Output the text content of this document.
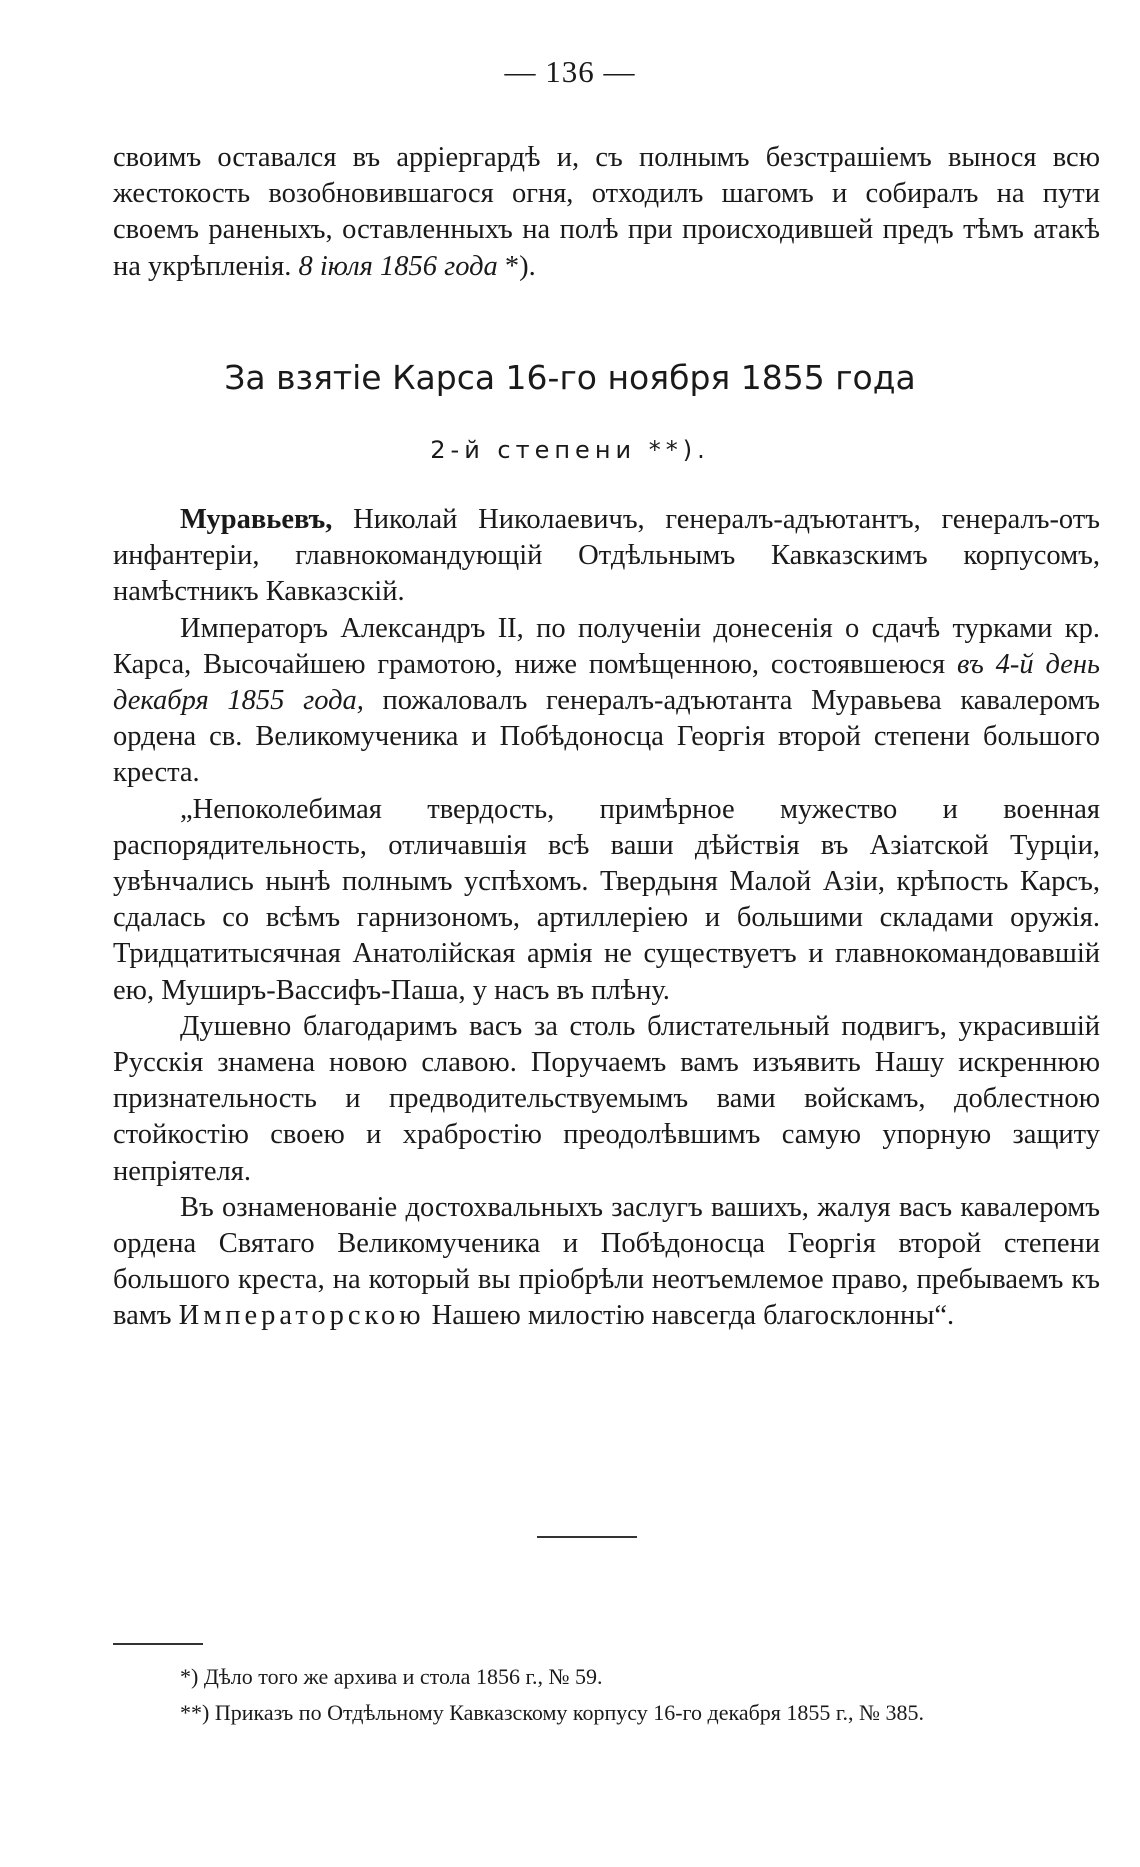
— 136 —
своимъ оставался въ арріергардѣ и, съ полнымъ безстрашіемъ вынося всю жестокость возобновившагося огня, отходилъ шагомъ и собиралъ на пути своемъ раненыхъ, оставленныхъ на полѣ при происходившей предъ тѣмъ атакѣ на укрѣпленія. 8 іюля 1856 года *).
За взятіе Карса 16-го ноября 1855 года
2-й степени **).
Муравьевъ, Николай Николаевичъ, генералъ-адъютантъ, генералъ-отъ инфантеріи, главнокомандующій Отдѣльнымъ Кавказскимъ корпусомъ, намѣстникъ Кавказскій.
Императоръ Александръ II, по полученіи донесенія о сдачѣ турками кр. Карса, Высочайшею грамотою, ниже помѣщенною, состоявшеюся въ 4-й день декабря 1855 года, пожаловалъ генералъ-адъютанта Муравьева кавалеромъ ордена св. Великомученика и Побѣдоносца Георгія второй степени большого креста.
„Непоколебимая твердость, примѣрное мужество и военная распорядительность, отличавшія всѣ ваши дѣйствія въ Азіатской Турціи, увѣнчались нынѣ полнымъ успѣхомъ. Твердыня Малой Азіи, крѣпость Карсъ, сдалась со всѣмъ гарнизономъ, артиллеріею и большими складами оружія. Тридцатитысячная Анатолійская армія не существуетъ и главнокомандовавшій ею, Муширъ-Вассифъ-Паша, у насъ въ плѣну.
Душевно благодаримъ васъ за столь блистательный подвигъ, украсившій Русскія знамена новою славою. Поручаемъ вамъ изъявить Нашу искреннюю признательность и предводительствуемымъ вами войскамъ, доблестною стойкостію своею и храбростію преодолѣвшимъ самую упорную защиту непріятеля.
Въ ознаменованіе достохвальныхъ заслугъ вашихъ, жалуя васъ кавалеромъ ордена Святаго Великомученика и Побѣдоносца Георгія второй степени большого креста, на который вы пріобрѣли неотъемлемое право, пребываемъ къ вамъ Императорскою Нашею милостію навсегда благосклонны“.
*) Дѣло того же архива и стола 1856 г., № 59.
**) Приказъ по Отдѣльному Кавказскому корпусу 16-го декабря 1855 г., № 385.
